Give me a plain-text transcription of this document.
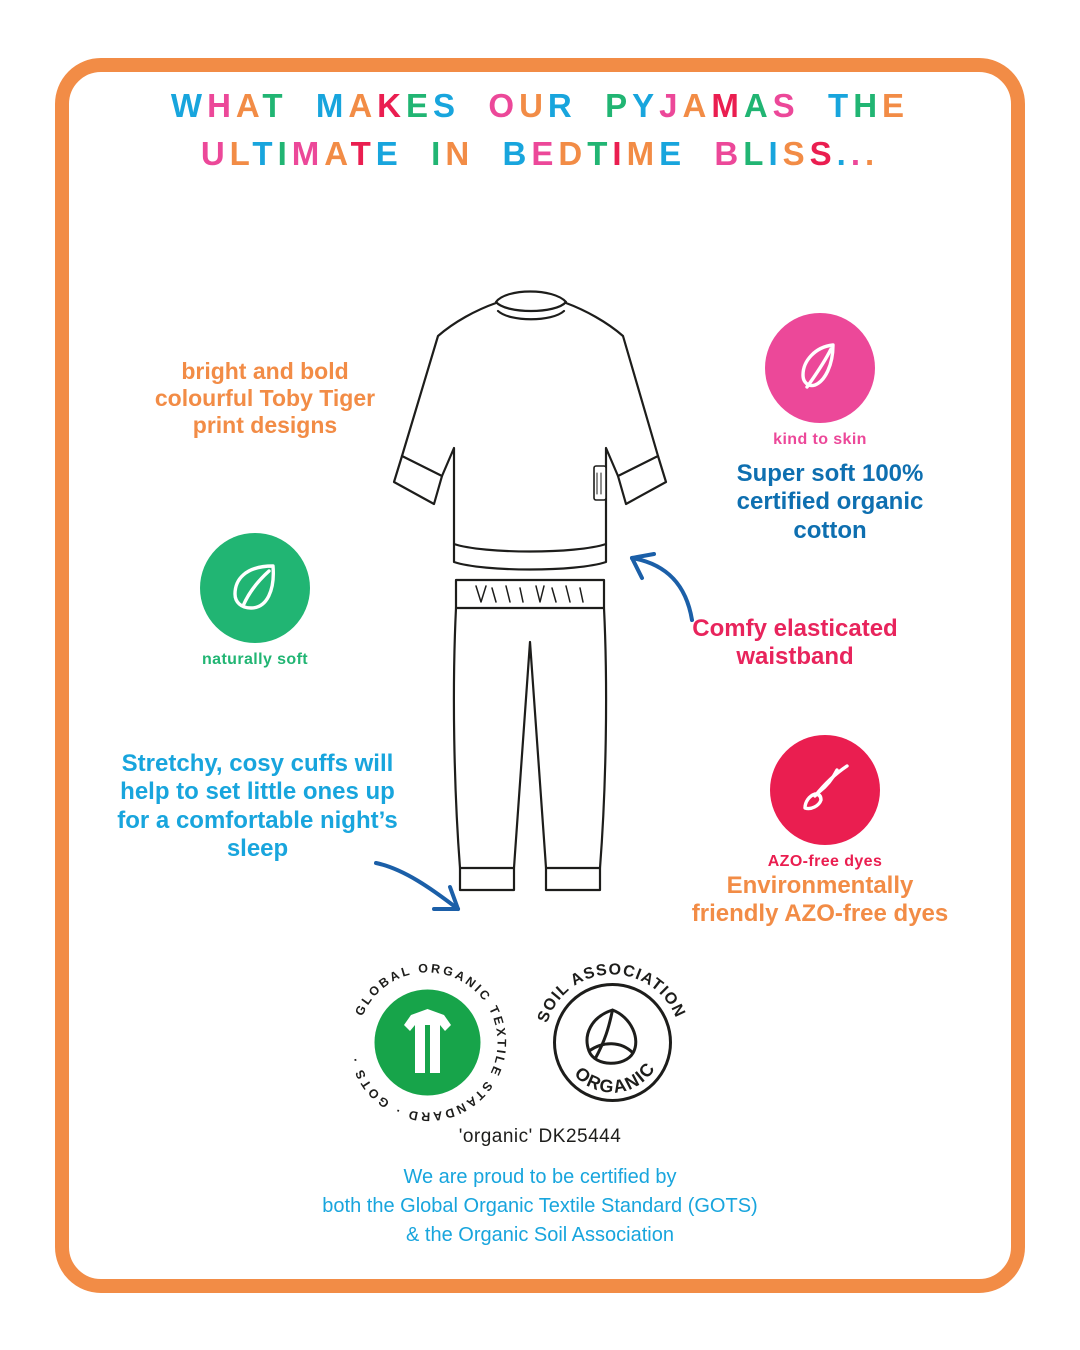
WHAT MAKES OUR PYJAMAS THE
ULTIMATE IN BEDTIME BLISS...
bright and bold colourful Toby Tiger print designs
Super soft 100% certified organic cotton
Comfy elasticated waistband
Stretchy, cosy cuffs will help to set little ones up for a comfortable night’s sleep
Environmentally friendly AZO-free dyes
kind to skin
naturally soft
AZO-free dyes
GLOBAL ORGANIC TEXTILE STANDARD · GOTS ·
SOIL ASSOCIATION
ORGANIC
'organic' DK25444
We are proud to be certified by
both the Global Organic Textile Standard (GOTS)
& the Organic Soil Association
